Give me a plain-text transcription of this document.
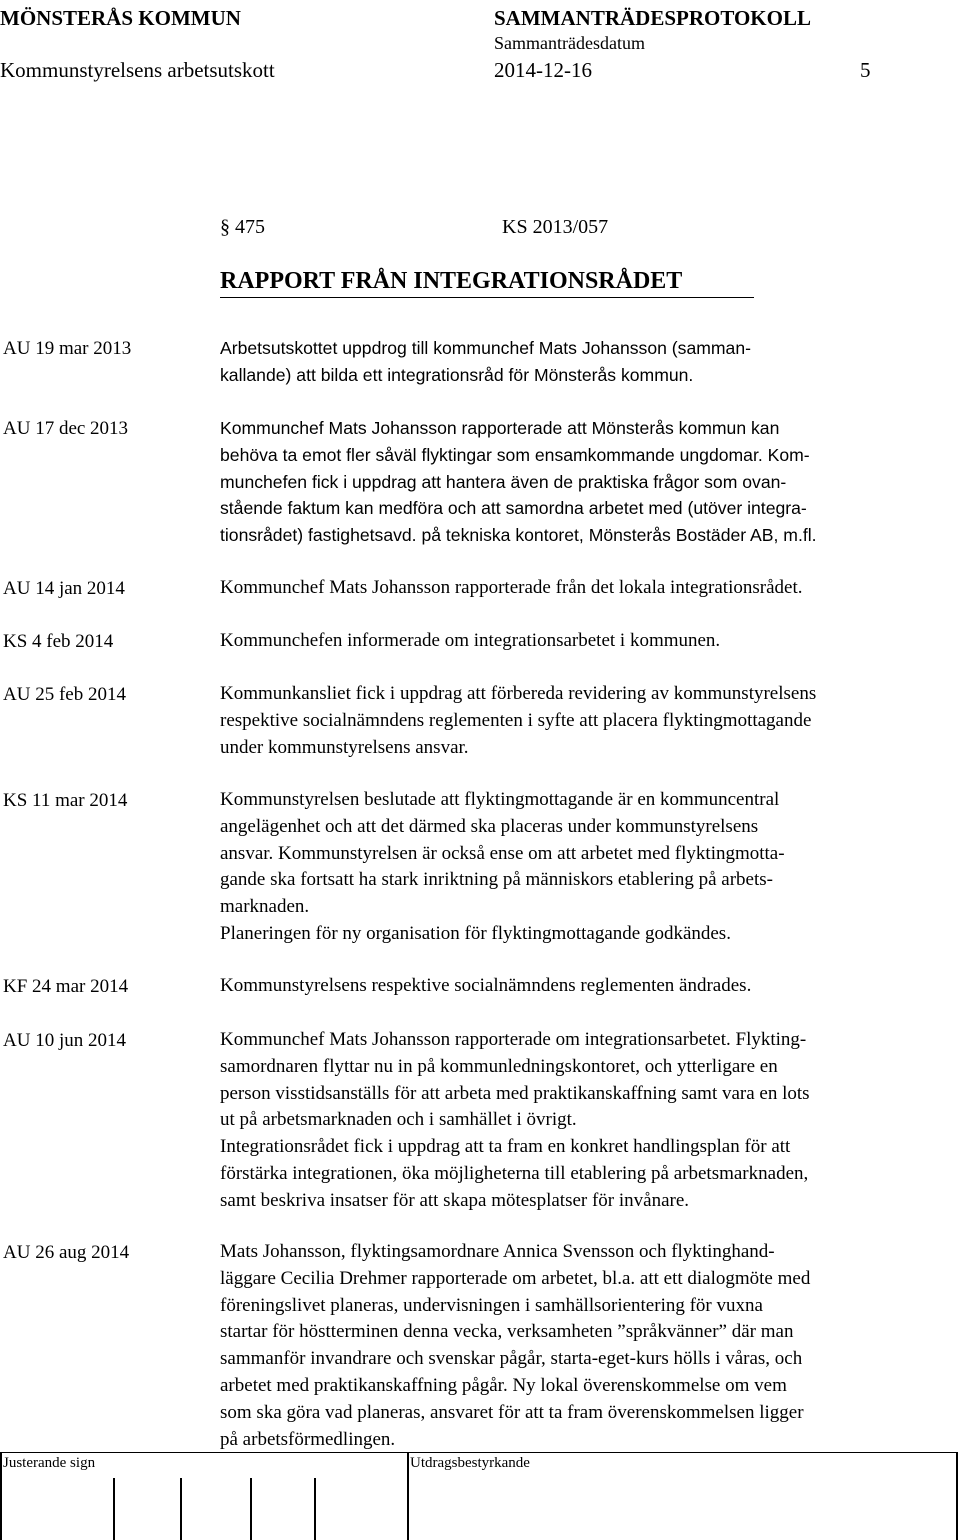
MÖNSTERÅS KOMMUN	SAMMANTRÄDESPROTOKOLL
Sammanträdesdatum
Kommunstyrelsens arbetsutskott	2014-12-16	5
§ 475	KS 2013/057
RAPPORT FRÅN INTEGRATIONSRÅDET
AU 19 mar 2013	Arbetsutskottet uppdrog till kommunchef Mats Johansson (samman-

kallande) att bilda ett integrationsråd för Mönsterås kommun.

AU 17 dec 2013	Kommunchef Mats Johansson rapporterade att Mönsterås kommun kan

behöva ta emot fler såväl flyktingar som ensamkommande ungdomar. Kom-

munchefen fick i uppdrag att hantera även de praktiska frågor som ovan-

stående faktum kan medföra och att samordna arbetet med (utöver integra-

tionsrådet) fastighetsavd. på tekniska kontoret, Mönsterås Bostäder AB, m.fl.

AU 14 jan 2014	Kommunchef Mats Johansson rapporterade från det lokala integrationsrådet.

KS 4 feb 2014	Kommunchefen informerade om integrationsarbetet i kommunen.

AU 25 feb 2014	Kommunkansliet fick i uppdrag att förbereda revidering av kommunstyrelsens

respektive socialnämndens reglementen i syfte att placera flyktingmottagande

under kommunstyrelsens ansvar.

KS 11 mar 2014	Kommunstyrelsen beslutade att flyktingmottagande är en kommuncentral

angelägenhet och att det därmed ska placeras under kommunstyrelsens

ansvar. Kommunstyrelsen är också ense om att arbetet med flyktingmotta-

gande ska fortsatt ha stark inriktning på människors etablering på arbets-

marknaden.

Planeringen för ny organisation för flyktingmottagande godkändes.

KF 24 mar 2014	Kommunstyrelsens respektive socialnämndens reglementen ändrades.

AU 10 jun 2014	Kommunchef Mats Johansson rapporterade om integrationsarbetet. Flykting-

samordnaren flyttar nu in på kommunledningskontoret, och ytterligare en

person visstidsanställs för att arbeta med praktikanskaffning samt vara en lots

ut på arbetsmarknaden och i samhället i övrigt.

Integrationsrådet fick i uppdrag att ta fram en konkret handlingsplan för att

förstärka integrationen, öka möjligheterna till etablering på arbetsmarknaden,

samt beskriva insatser för att skapa mötesplatser för invånare.

AU 26 aug 2014	Mats Johansson, flyktingsamordnare Annica Svensson och flyktinghand-

läggare Cecilia Drehmer rapporterade om arbetet, bl.a. att ett dialogmöte med

föreningslivet planeras, undervisningen i samhällsorientering för vuxna

startar för höstterminen denna vecka, verksamheten ”språkvänner” där man

sammanför invandrare och svenskar pågår, starta-eget-kurs hölls i våras, och

arbetet med praktikanskaffning pågår. Ny lokal överenskommelse om vem

som ska göra vad planeras, ansvaret för att ta fram överenskommelsen ligger

på arbetsförmedlingen.

Justerande sign	Utdragsbestyrkande
